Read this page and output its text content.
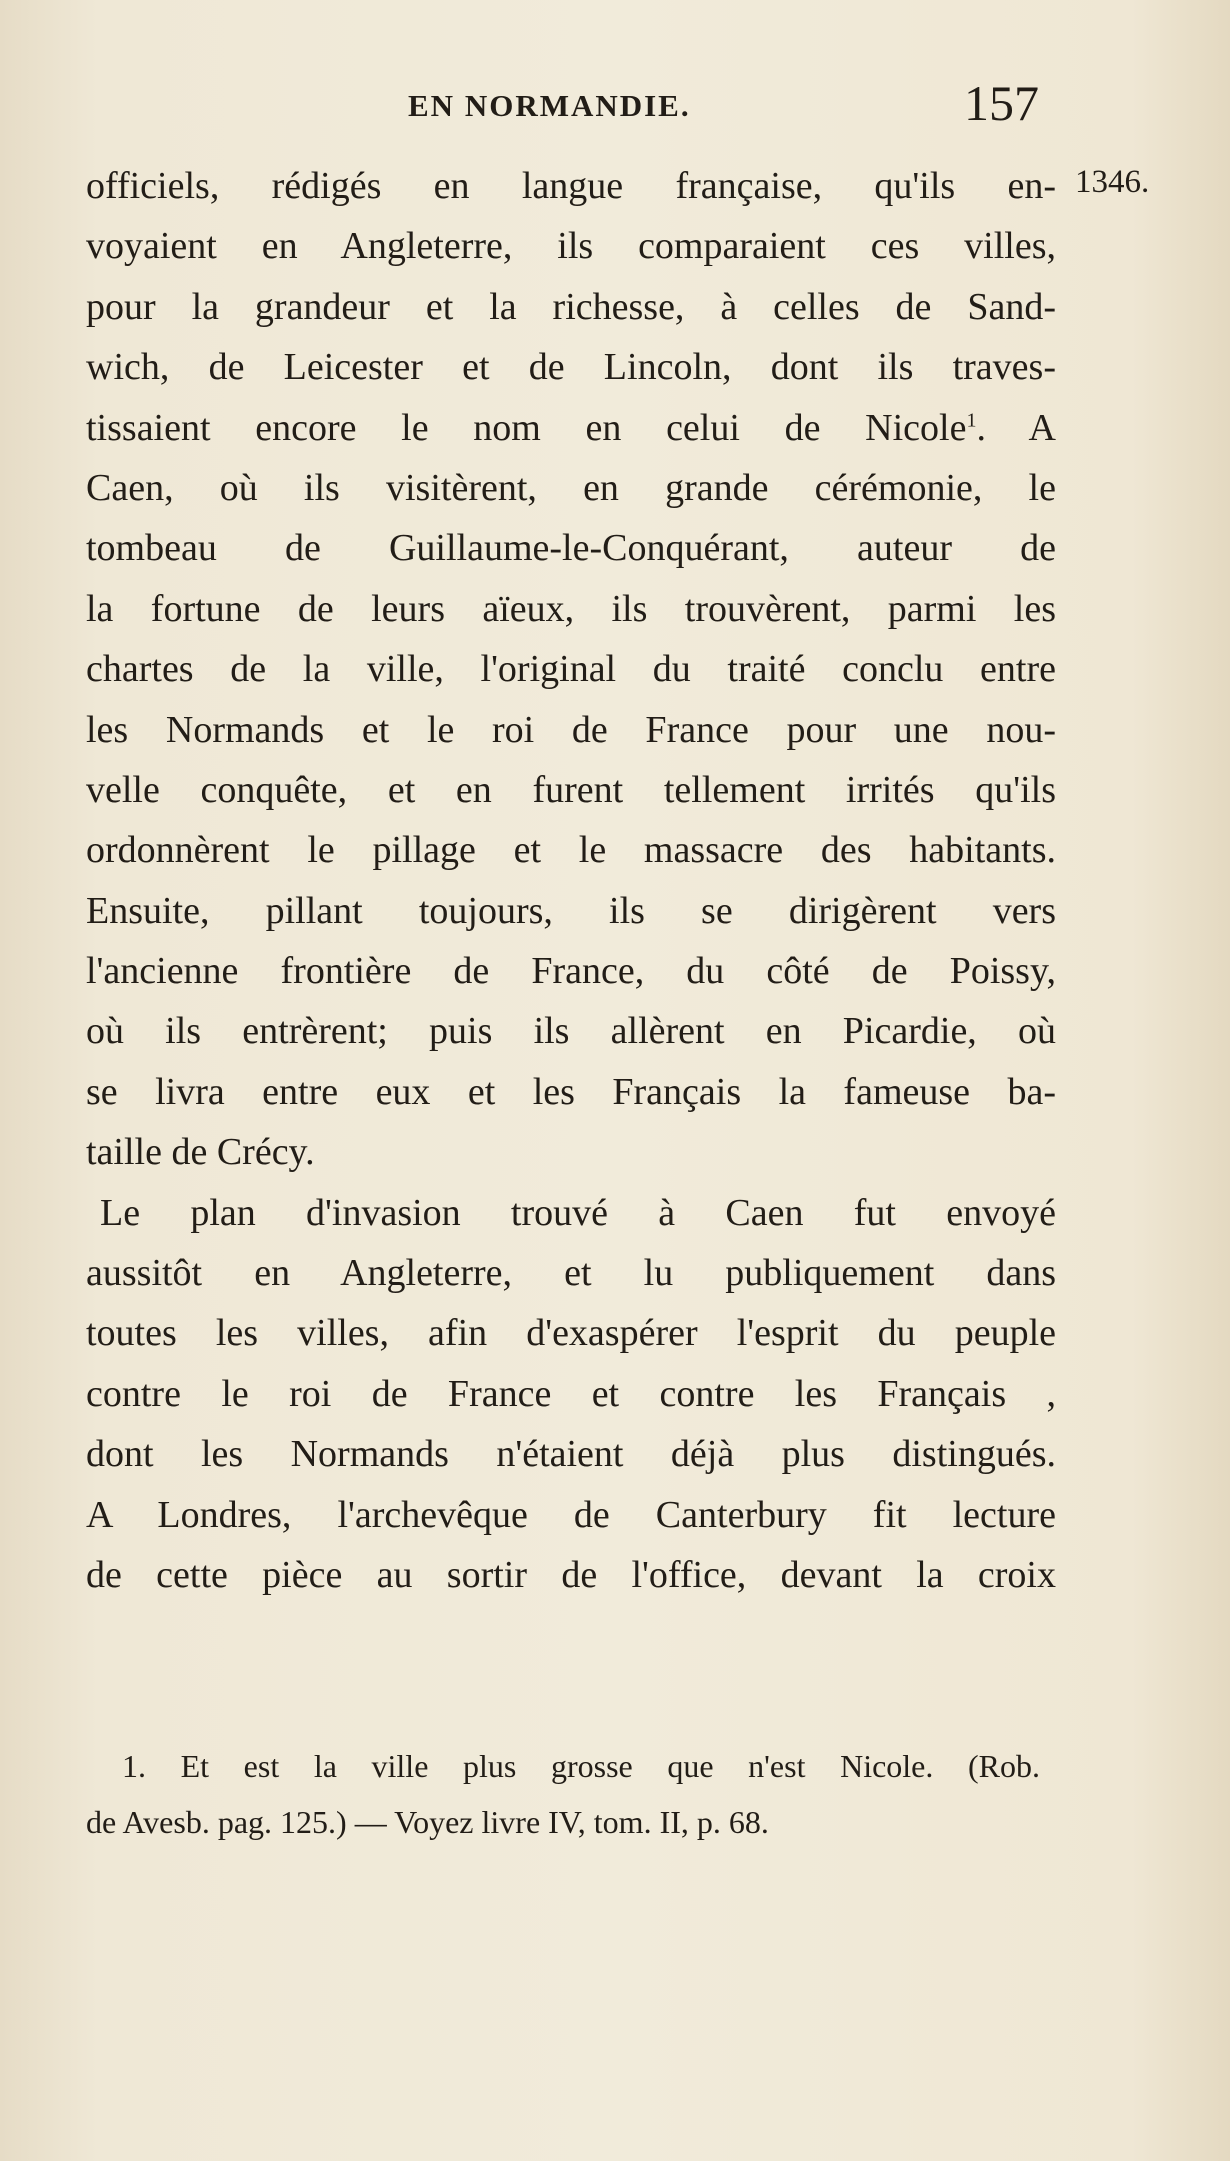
EN NORMANDIE.	157
1346.
officiels, rédigés en langue française, qu'ils en-
voyaient en Angleterre, ils comparaient ces villes,
pour la grandeur et la richesse, à celles de Sand-
wich, de Leicester et de Lincoln, dont ils traves-
tissaient encore le nom en celui de Nicole$^1$. A
Caen, où ils visitèrent, en grande cérémonie, le
tombeau de Guillaume-le-Conquérant, auteur de
la fortune de leurs aïeux, ils trouvèrent, parmi les
chartes de la ville, l'original du traité conclu entre
les Normands et le roi de France pour une nou-
velle conquête, et en furent tellement irrités qu'ils
ordonnèrent le pillage et le massacre des habitants.
Ensuite, pillant toujours, ils se dirigèrent vers
l'ancienne frontière de France, du côté de Poissy,
où ils entrèrent; puis ils allèrent en Picardie, où
se livra entre eux et les Français la fameuse ba-
taille de Crécy.
Le plan d'invasion trouvé à Caen fut envoyé
aussitôt en Angleterre, et lu publiquement dans
toutes les villes, afin d'exaspérer l'esprit du peuple
contre le roi de France et contre les Français ,
dont les Normands n'étaient déjà plus distingués.
A Londres, l'archevêque de Canterbury fit lecture
de cette pièce au sortir de l'office, devant la croix
1. Et est la ville plus grosse que n'est Nicole. (Rob.
de Avesb. pag. 125.) — Voyez livre IV, tom. II, p. 68.
